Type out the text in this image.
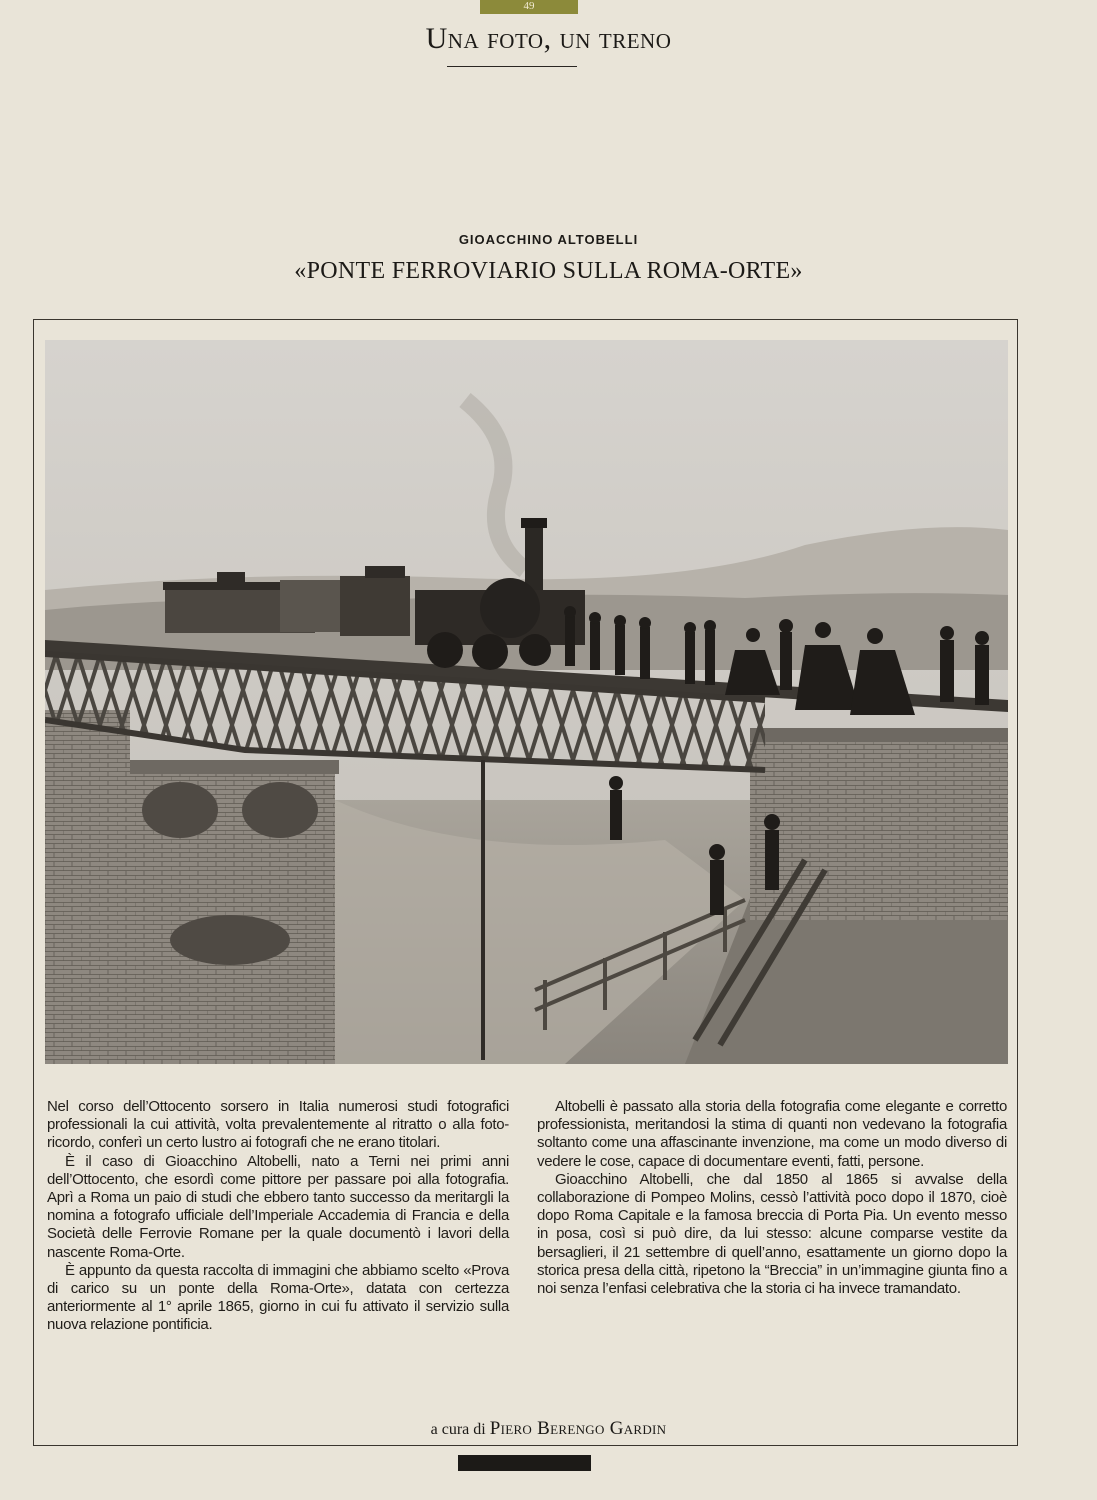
49
Una foto, un treno
GIOACCHINO ALTOBELLI
«PONTE FERROVIARIO SULLA ROMA-ORTE»

Nel corso dell’Ottocento sorsero in Italia numerosi studi fotografici professionali la cui attività, volta prevalentemente al ritratto o alla foto-ricordo, conferì un certo lustro ai fotografi che ne erano titolari.

È il caso di Gioacchino Altobelli, nato a Terni nei primi anni dell’Ottocento, che esordì come pittore per passare poi alla fotografia. Aprì a Roma un paio di studi che ebbero tanto successo da meritargli la nomina a fotografo ufficiale dell’Imperiale Accademia di Francia e della Società delle Ferrovie Romane per la quale documentò i lavori della nascente Roma-Orte.

È appunto da questa raccolta di immagini che abbiamo scelto «Prova di carico su un ponte della Roma-Orte», datata con certezza anteriormente al 1° aprile 1865, giorno in cui fu attivato il servizio sulla nuova relazione pontificia.

Altobelli è passato alla storia della fotografia come elegante e corretto professionista, meritandosi la stima di quanti non vedevano la fotografia soltanto come una affascinante invenzione, ma come un modo diverso di vedere le cose, capace di documentare eventi, fatti, persone.

Gioacchino Altobelli, che dal 1850 al 1865 si avvalse della collaborazione di Pompeo Molins, cessò l’attività poco dopo il 1870, cioè dopo Roma Capitale e la famosa breccia di Porta Pia. Un evento messo in posa, così si può dire, da lui stesso: alcune comparse vestite da bersaglieri, il 21 settembre di quell’anno, esattamente un giorno dopo la storica presa della città, ripetono la “Breccia” in un’immagine giunta fino a noi senza l’enfasi celebrativa che la storia ci ha invece tramandato.

a cura di Piero Berengo Gardin
